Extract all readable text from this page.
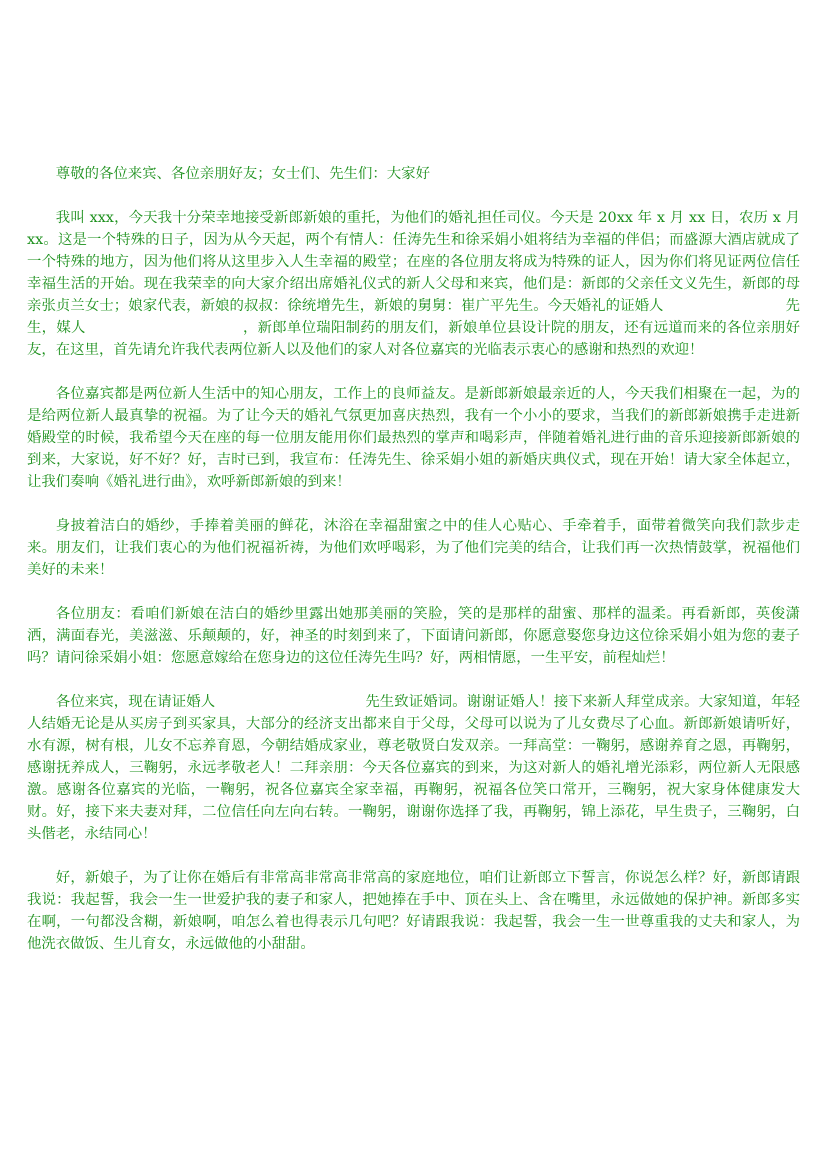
尊敬的各位来宾、各位亲朋好友；女士们、先生们：大家好

我叫 xxx，今天我十分荣幸地接受新郎新娘的重托，为他们的婚礼担任司仪。今天是 20xx 年 x 月 xx 日，农历 x 月 xx。这是一个特殊的日子，因为从今天起，两个有情人：任涛先生和徐采娟小姐将结为幸福的伴侣；而盛源大酒店就成了一个特殊的地方，因为他们将从这里步入人生幸福的殿堂；在座的各位朋友将成为特殊的证人，因为你们将见证两位信任幸福生活的开始。现在我荣幸的向大家介绍出席婚礼仪式的新人父母和来宾，他们是：新郎的父亲任文义先生，新郎的母亲张贞兰女士；娘家代表，新娘的叔叔：徐统增先生，新娘的舅舅：崔广平先生。今天婚礼的证婚人	先生，媒人	，新郎单位瑞阳制药的朋友们，新娘单位县设计院的朋友，还有远道而来的各位亲朋好友，在这里，首先请允许我代表两位新人以及他们的家人对各位嘉宾的光临表示衷心的感谢和热烈的欢迎！

各位嘉宾都是两位新人生活中的知心朋友，工作上的良师益友。是新郎新娘最亲近的人，今天我们相聚在一起，为的是给两位新人最真挚的祝福。为了让今天的婚礼气氛更加喜庆热烈，我有一个小小的要求，当我们的新郎新娘携手走进新婚殿堂的时候，我希望今天在座的每一位朋友能用你们最热烈的掌声和喝彩声，伴随着婚礼进行曲的音乐迎接新郎新娘的到来，大家说，好不好？好，吉时已到，我宣布：任涛先生、徐采娟小姐的新婚庆典仪式，现在开始！请大家全体起立，让我们奏响《婚礼进行曲》，欢呼新郎新娘的到来！

身披着洁白的婚纱，手捧着美丽的鲜花，沐浴在幸福甜蜜之中的佳人心贴心、手牵着手，面带着微笑向我们款步走来。朋友们，让我们衷心的为他们祝福祈祷，为他们欢呼喝彩，为了他们完美的结合，让我们再一次热情鼓掌，祝福他们美好的未来！

各位朋友：看咱们新娘在洁白的婚纱里露出她那美丽的笑脸，笑的是那样的甜蜜、那样的温柔。再看新郎，英俊潇洒，满面春光，美滋滋、乐颠颠的，好，神圣的时刻到来了，下面请问新郎，你愿意娶您身边这位徐采娟小姐为您的妻子吗？请问徐采娟小姐：您愿意嫁给在您身边的这位任涛先生吗？好，两相情愿，一生平安，前程灿烂！

各位来宾，现在请证婚人	先生致证婚词。谢谢证婚人！接下来新人拜堂成亲。大家知道，年轻人结婚无论是从买房子到买家具，大部分的经济支出都来自于父母，父母可以说为了儿女费尽了心血。新郎新娘请听好，水有源，树有根，儿女不忘养育恩，今朝结婚成家业，尊老敬贤白发双亲。一拜高堂：一鞠躬，感谢养育之恩，再鞠躬，感谢抚养成人，三鞠躬，永远孝敬老人！二拜亲朋：今天各位嘉宾的到来，为这对新人的婚礼增光添彩，两位新人无限感激。感谢各位嘉宾的光临，一鞠躬，祝各位嘉宾全家幸福，再鞠躬，祝福各位笑口常开，三鞠躬，祝大家身体健康发大财。好，接下来夫妻对拜，二位信任向左向右转。一鞠躬，谢谢你选择了我，再鞠躬，锦上添花，早生贵子，三鞠躬，白头偕老，永结同心！

好，新娘子，为了让你在婚后有非常高非常高非常高的家庭地位，咱们让新郎立下誓言，你说怎么样？好，新郎请跟我说：我起誓，我会一生一世爱护我的妻子和家人，把她捧在手中、顶在头上、含在嘴里，永远做她的保护神。新郎多实在啊，一句都没含糊，新娘啊，咱怎么着也得表示几句吧？好请跟我说：我起誓，我会一生一世尊重我的丈夫和家人，为他洗衣做饭、生儿育女，永远做他的小甜甜。
